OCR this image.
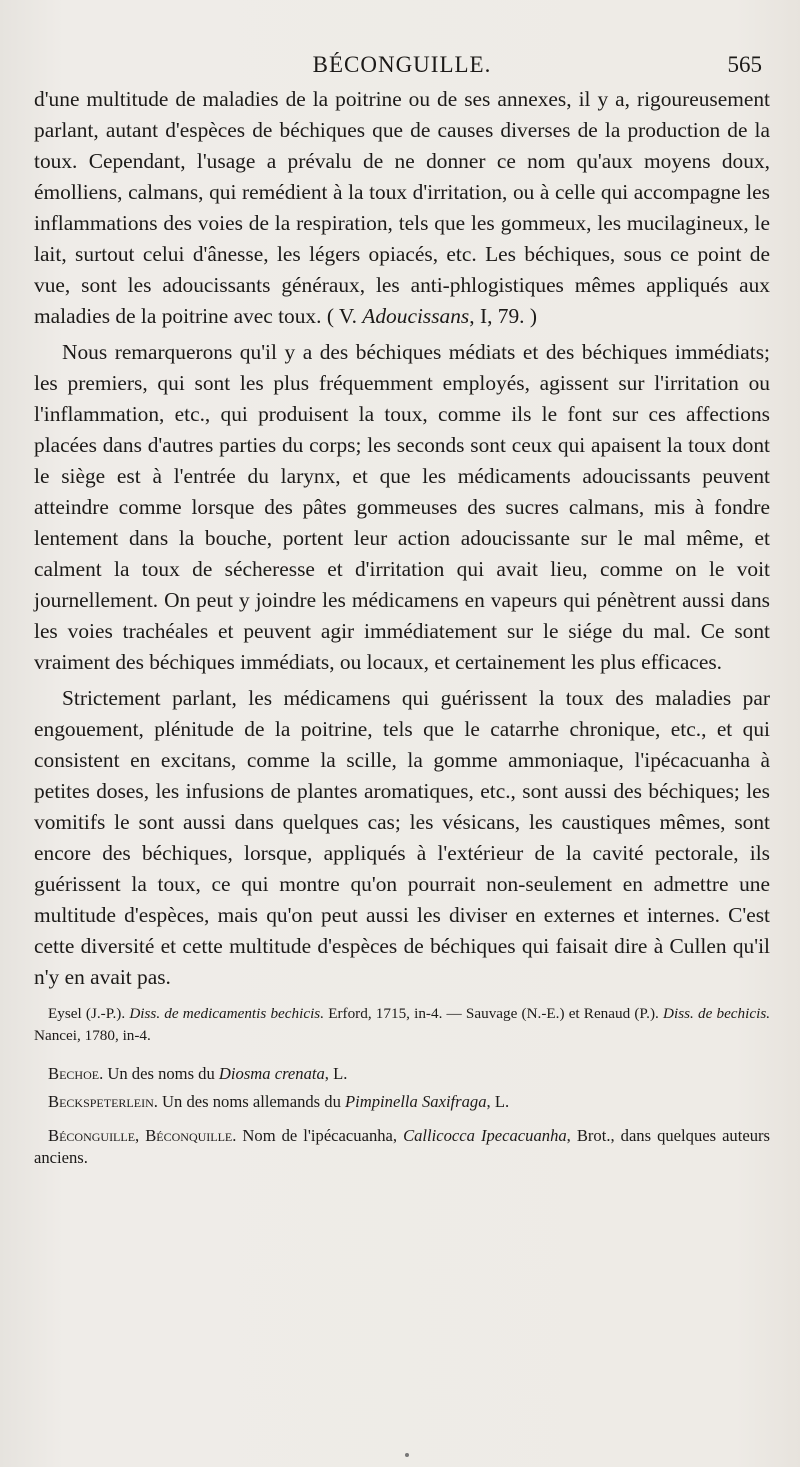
BÉCONGUILLE.	565

d'une multitude de maladies de la poitrine ou de ses annexes, il y a, rigoureusement parlant, autant d'espèces de béchiques que de causes diverses de la production de la toux. Cependant, l'usage a prévalu de ne donner ce nom qu'aux moyens doux, émolliens, calmans, qui remédient à la toux d'irritation, ou à celle qui accompagne les inflammations des voies de la respiration, tels que les gommeux, les mucilagineux, le lait, surtout celui d'ânesse, les légers opiacés, etc. Les béchiques, sous ce point de vue, sont les adoucissants généraux, les anti-phlogistiques mêmes appliqués aux maladies de la poitrine avec toux. ( V. Adoucissans, I, 79. )

Nous remarquerons qu'il y a des béchiques médiats et des béchiques immédiats; les premiers, qui sont les plus fréquemment employés, agissent sur l'irritation ou l'inflammation, etc., qui produisent la toux, comme ils le font sur ces affections placées dans d'autres parties du corps; les seconds sont ceux qui apaisent la toux dont le siège est à l'entrée du larynx, et que les médicaments adoucissants peuvent atteindre comme lorsque des pâtes gommeuses des sucres calmans, mis à fondre lentement dans la bouche, portent leur action adoucissante sur le mal même, et calment la toux de sécheresse et d'irritation qui avait lieu, comme on le voit journellement. On peut y joindre les médicamens en vapeurs qui pénètrent aussi dans les voies trachéales et peuvent agir immédiatement sur le siége du mal. Ce sont vraiment des béchiques immédiats, ou locaux, et certainement les plus efficaces.

Strictement parlant, les médicamens qui guérissent la toux des maladies par engouement, plénitude de la poitrine, tels que le catarrhe chronique, etc., et qui consistent en excitans, comme la scille, la gomme ammoniaque, l'ipécacuanha à petites doses, les infusions de plantes aromatiques, etc., sont aussi des béchiques; les vomitifs le sont aussi dans quelques cas; les vésicans, les caustiques mêmes, sont encore des béchiques, lorsque, appliqués à l'extérieur de la cavité pectorale, ils guérissent la toux, ce qui montre qu'on pourrait non-seulement en admettre une multitude d'espèces, mais qu'on peut aussi les diviser en externes et internes. C'est cette diversité et cette multitude d'espèces de béchiques qui faisait dire à Cullen qu'il n'y en avait pas.

Eysel (J.-P.). Diss. de medicamentis bechicis. Erford, 1715, in-4. — Sauvage (N.-E.) et Renaud (P.). Diss. de bechicis. Nancei, 1780, in-4.

Bechoe. Un des noms du Diosma crenata, L.

Beckspeterlein. Un des noms allemands du Pimpinella Saxifraga, L.

Béconguille, Béconquille. Nom de l'ipécacuanha, Callicocca Ipecacuanha, Brot., dans quelques auteurs anciens.
